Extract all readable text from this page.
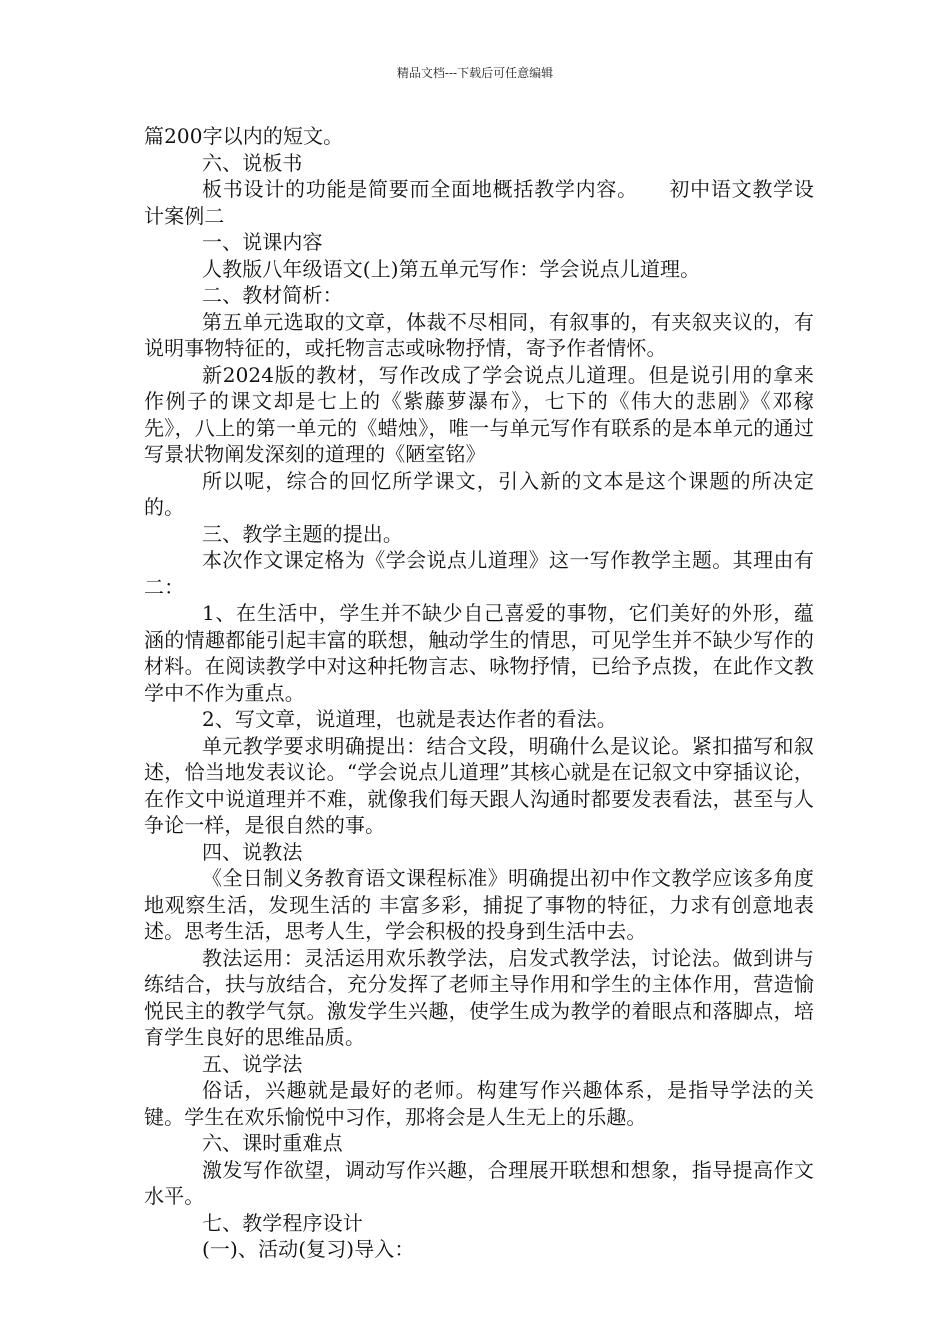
精品文档---下载后可任意编辑

篇200字以内的短文。

六、说板书

板书设计的功能是简要而全面地概括教学内容。　　初中语文教学设计案例二

一、说课内容

人教版八年级语文(上)第五单元写作：学会说点儿道理。

二、教材简析：

第五单元选取的文章，体裁不尽相同，有叙事的，有夹叙夹议的，有说明事物特征的，或托物言志或咏物抒情，寄予作者情怀。

新2024版的教材，写作改成了学会说点儿道理。但是说引用的拿来作例子的课文却是七上的《紫藤萝瀑布》，七下的《伟大的悲剧》《邓稼先》，八上的第一单元的《蜡烛》，唯一与单元写作有联系的是本单元的通过写景状物阐发深刻的道理的《陋室铭》

所以呢，综合的回忆所学课文，引入新的文本是这个课题的所决定的。

三、教学主题的提出。

本次作文课定格为《学会说点儿道理》这一写作教学主题。其理由有二：

1、在生活中，学生并不缺少自己喜爱的事物，它们美好的外形，蕴涵的情趣都能引起丰富的联想，触动学生的情思，可见学生并不缺少写作的材料。在阅读教学中对这种托物言志、咏物抒情，已给予点拨，在此作文教学中不作为重点。

2、写文章，说道理，也就是表达作者的看法。

单元教学要求明确提出：结合文段，明确什么是议论。紧扣描写和叙述，恰当地发表议论。“学会说点儿道理”其核心就是在记叙文中穿插议论，在作文中说道理并不难，就像我们每天跟人沟通时都要发表看法，甚至与人争论一样，是很自然的事。

四、说教法

《全日制义务教育语文课程标准》明确提出初中作文教学应该多角度地观察生活，发现生活的 丰富多彩，捕捉了事物的特征，力求有创意地表述。思考生活，思考人生，学会积极的投身到生活中去。

教法运用：灵活运用欢乐教学法，启发式教学法，讨论法。做到讲与练结合，扶与放结合，充分发挥了老师主导作用和学生的主体作用，营造愉悦民主的教学气氛。激发学生兴趣，使学生成为教学的着眼点和落脚点，培育学生良好的思维品质。

五、说学法

俗话，兴趣就是最好的老师。构建写作兴趣体系，是指导学法的关键。学生在欢乐愉悦中习作，那将会是人生无上的乐趣。

六、课时重难点

激发写作欲望，调动写作兴趣，合理展开联想和想象，指导提高作文水平。

七、教学程序设计

(一)、活动(复习)导入：
